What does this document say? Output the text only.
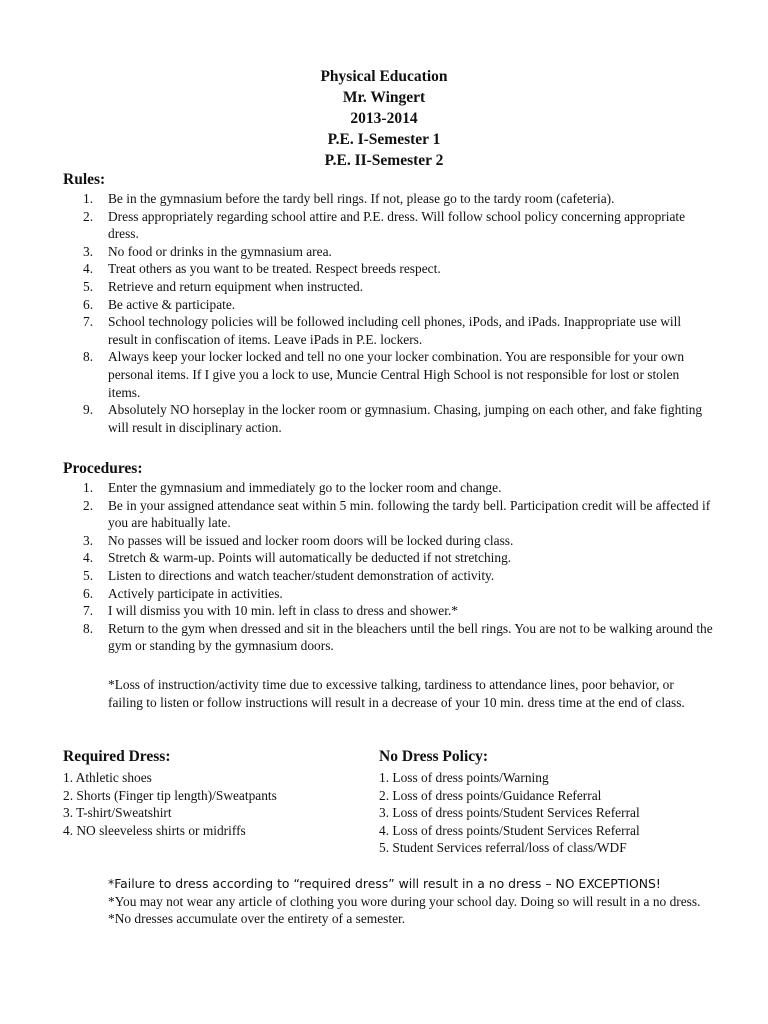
Physical Education
Mr. Wingert
2013-2014
P.E. I-Semester 1
P.E. II-Semester 2
Rules:
1. Be in the gymnasium before the tardy bell rings. If not, please go to the tardy room (cafeteria).
2. Dress appropriately regarding school attire and P.E. dress. Will follow school policy concerning appropriate dress.
3. No food or drinks in the gymnasium area.
4. Treat others as you want to be treated. Respect breeds respect.
5. Retrieve and return equipment when instructed.
6. Be active & participate.
7. School technology policies will be followed including cell phones, iPods, and iPads. Inappropriate use will result in confiscation of items. Leave iPads in P.E. lockers.
8. Always keep your locker locked and tell no one your locker combination. You are responsible for your own personal items. If I give you a lock to use, Muncie Central High School is not responsible for lost or stolen items.
9. Absolutely NO horseplay in the locker room or gymnasium. Chasing, jumping on each other, and fake fighting will result in disciplinary action.
Procedures:
1. Enter the gymnasium and immediately go to the locker room and change.
2. Be in your assigned attendance seat within 5 min. following the tardy bell. Participation credit will be affected if you are habitually late.
3. No passes will be issued and locker room doors will be locked during class.
4. Stretch & warm-up. Points will automatically be deducted if not stretching.
5. Listen to directions and watch teacher/student demonstration of activity.
6. Actively participate in activities.
7. I will dismiss you with 10 min. left in class to dress and shower.*
8. Return to the gym when dressed and sit in the bleachers until the bell rings. You are not to be walking around the gym or standing by the gymnasium doors.
*Loss of instruction/activity time due to excessive talking, tardiness to attendance lines, poor behavior, or failing to listen or follow instructions will result in a decrease of your 10 min. dress time at the end of class.
Required Dress:
1. Athletic shoes
2. Shorts (Finger tip length)/Sweatpants
3. T-shirt/Sweatshirt
4. NO sleeveless shirts or midriffs
No Dress Policy:
1. Loss of dress points/Warning
2. Loss of dress points/Guidance Referral
3. Loss of dress points/Student Services Referral
4. Loss of dress points/Student Services Referral
5. Student Services referral/loss of class/WDF

*Failure to dress according to “required dress” will result in a no dress – NO EXCEPTIONS!

*You may not wear any article of clothing you wore during your school day. Doing so will result in a no dress.

*No dresses accumulate over the entirety of a semester.
